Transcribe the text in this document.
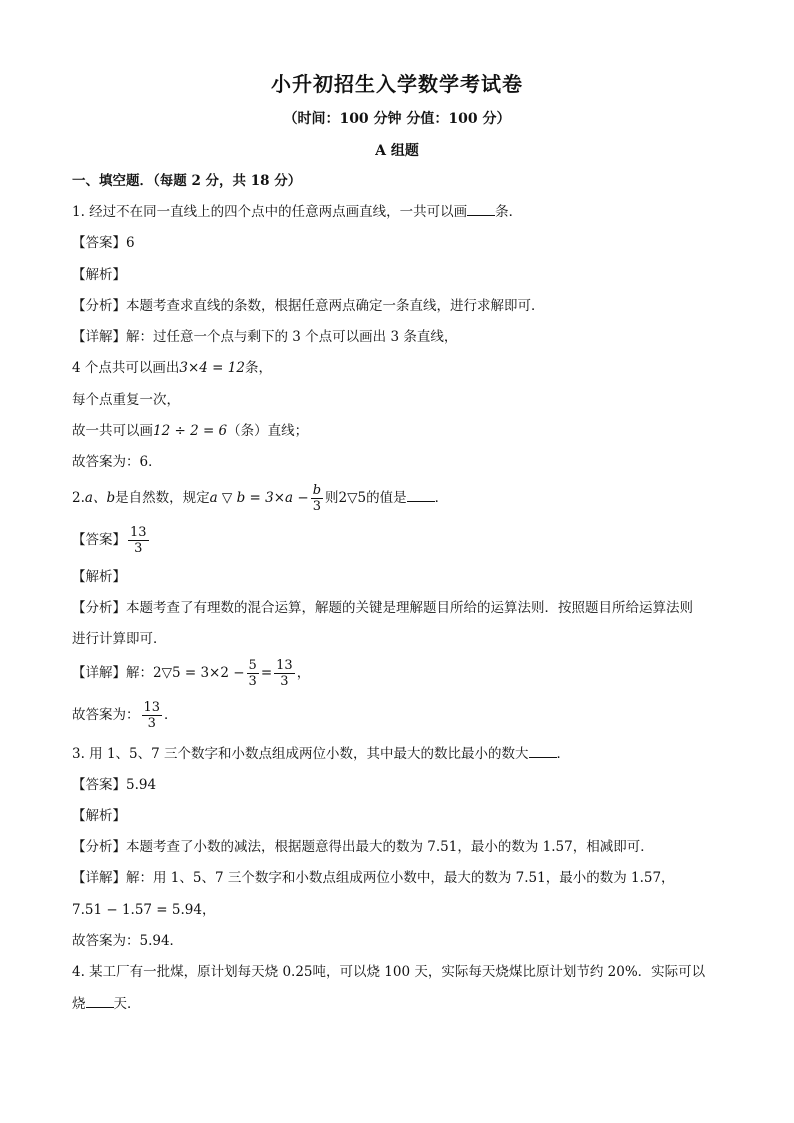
小升初招生入学数学考试卷
（时间：100 分钟 分值：100 分）
A 组题
一、填空题．（每题 2 分，共 18 分）
1. 经过不在同一直线上的四个点中的任意两点画直线，一共可以画 条．
【答案】6
【解析】
【分析】本题考查求直线的条数，根据任意两点确定一条直线，进行求解即可．
【详解】解：过任意一个点与剩下的 3 个点可以画出 3 条直线，
4 个点共可以画出3×4 = 12条，
每个点重复一次，
故一共可以画12 ÷ 2 = 6（条）直线；
故答案为：6．
2.a、b是自然数，规定a ▽ $b = 3\times a - \frac{b}{3}$ 则2▽5的值是 ．
【答案】 $\frac{13}{3}$
【解析】
【分析】本题考查了有理数的混合运算，解题的关键是理解题目所给的运算法则．按照题目所给运算法则
进行计算即可．
【详解】解：2▽5 = $3\times 2 - \frac{5}{3} = \frac{13}{3}$ ，
故答案为： $\frac{13}{3}$ ．
3. 用 1、5、7 三个数字和小数点组成两位小数，其中最大的数比最小的数大 ．
【答案】5.94
【解析】
【分析】本题考查了小数的减法，根据题意得出最大的数为 7.51，最小的数为 1.57，相减即可．
【详解】解：用 1、5、7 三个数字和小数点组成两位小数中，最大的数为 7.51，最小的数为 1.57，
7.51 − 1.57 = 5.94，
故答案为：5.94．
4. 某工厂有一批煤，原计划每天烧 0.25吨，可以烧 100 天，实际每天烧煤比原计划节约 20%．实际可以
烧 天．
